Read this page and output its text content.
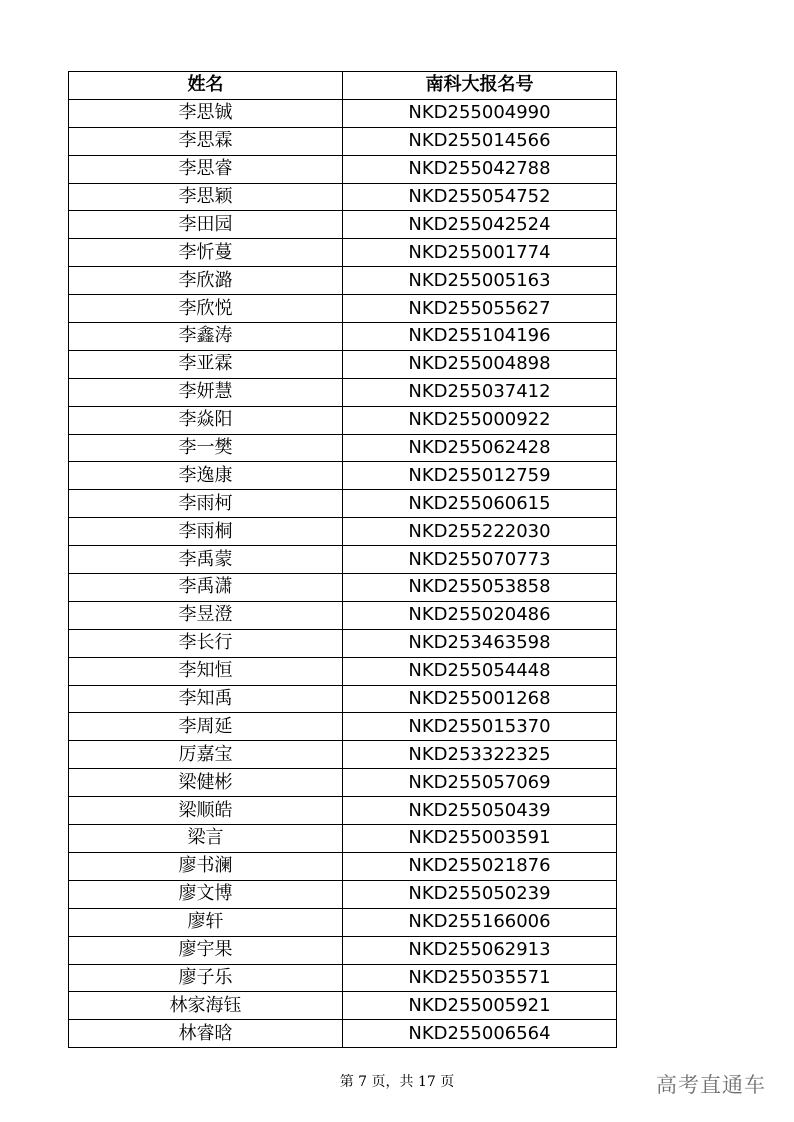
姓名	南科大报名号
李思铖	NKD255004990
李思霖	NKD255014566
李思睿	NKD255042788
李思颖	NKD255054752
李田园	NKD255042524
李忻蔓	NKD255001774
李欣潞	NKD255005163
李欣悦	NKD255055627
李鑫涛	NKD255104196
李亚霖	NKD255004898
李妍慧	NKD255037412
李焱阳	NKD255000922
李一樊	NKD255062428
李逸康	NKD255012759
李雨柯	NKD255060615
李雨桐	NKD255222030
李禹蒙	NKD255070773
李禹潇	NKD255053858
李昱澄	NKD255020486
李长行	NKD253463598
李知恒	NKD255054448
李知禹	NKD255001268
李周延	NKD255015370
厉嘉宝	NKD253322325
梁健彬	NKD255057069
梁顺皓	NKD255050439
梁言	NKD255003591
廖书澜	NKD255021876
廖文博	NKD255050239
廖轩	NKD255166006
廖宇果	NKD255062913
廖子乐	NKD255035571
林家海钰	NKD255005921
林睿晗	NKD255006564
第 7 页，共 17 页	高考直通车
